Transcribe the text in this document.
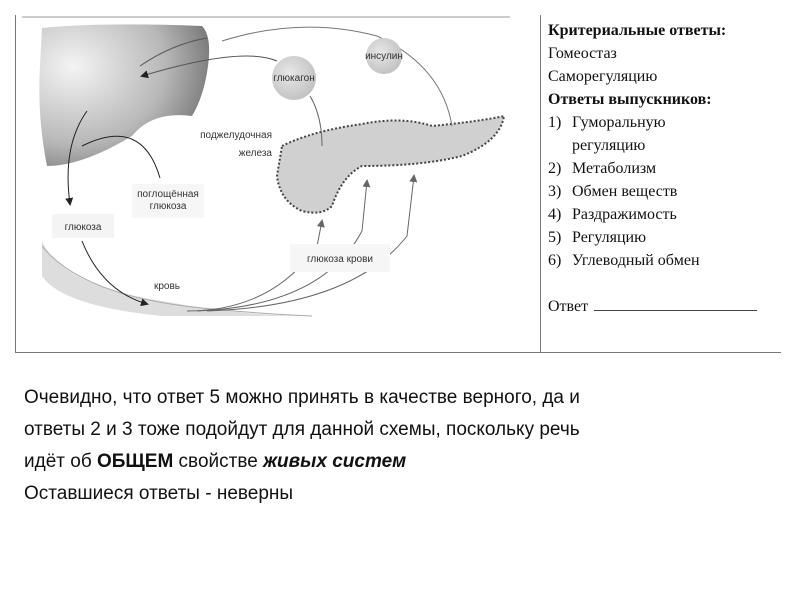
инсулин
глюкагон
поджелудочная
железа
поглощённая
глюкоза
глюкоза
глюкоза крови
кровь
Критериальные ответы:
Гомеостаз
Саморегуляцию
Ответы выпускников:
1) Гуморальную
регуляцию
2) Метаболизм
3) Обмен веществ
4) Раздражимость
5) Регуляцию
6) Углеводный обмен
Ответ

Очевидно, что ответ 5 можно принять в качестве верного, да и

ответы 2 и 3 тоже подойдут для данной схемы, поскольку речь

идёт об ОБЩЕМ свойстве живых систем

Оставшиеся ответы - неверны
